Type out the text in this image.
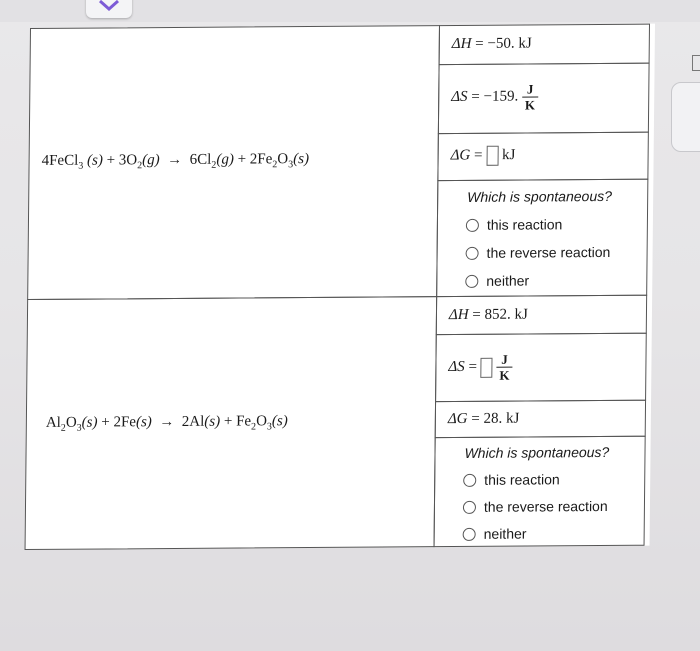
4FeCl$_3$ $(s) + 3O_2(g) \to 6Cl_2(g) + 2Fe_2O_3(s)$
ΔH = −50. kJ
ΔS = −159. $\frac{J}{K}$
ΔG = kJ
Which is spontaneous?
this reaction
the reverse reaction
neither
$Al_2O_3(s) + 2Fe(s) \to 2Al(s) + Fe_2O_3(s)$
ΔH = 852. kJ
$\Delta S = \frac{J}{K}$
ΔG = 28. kJ
Which is spontaneous?
this reaction
the reverse reaction
neither
